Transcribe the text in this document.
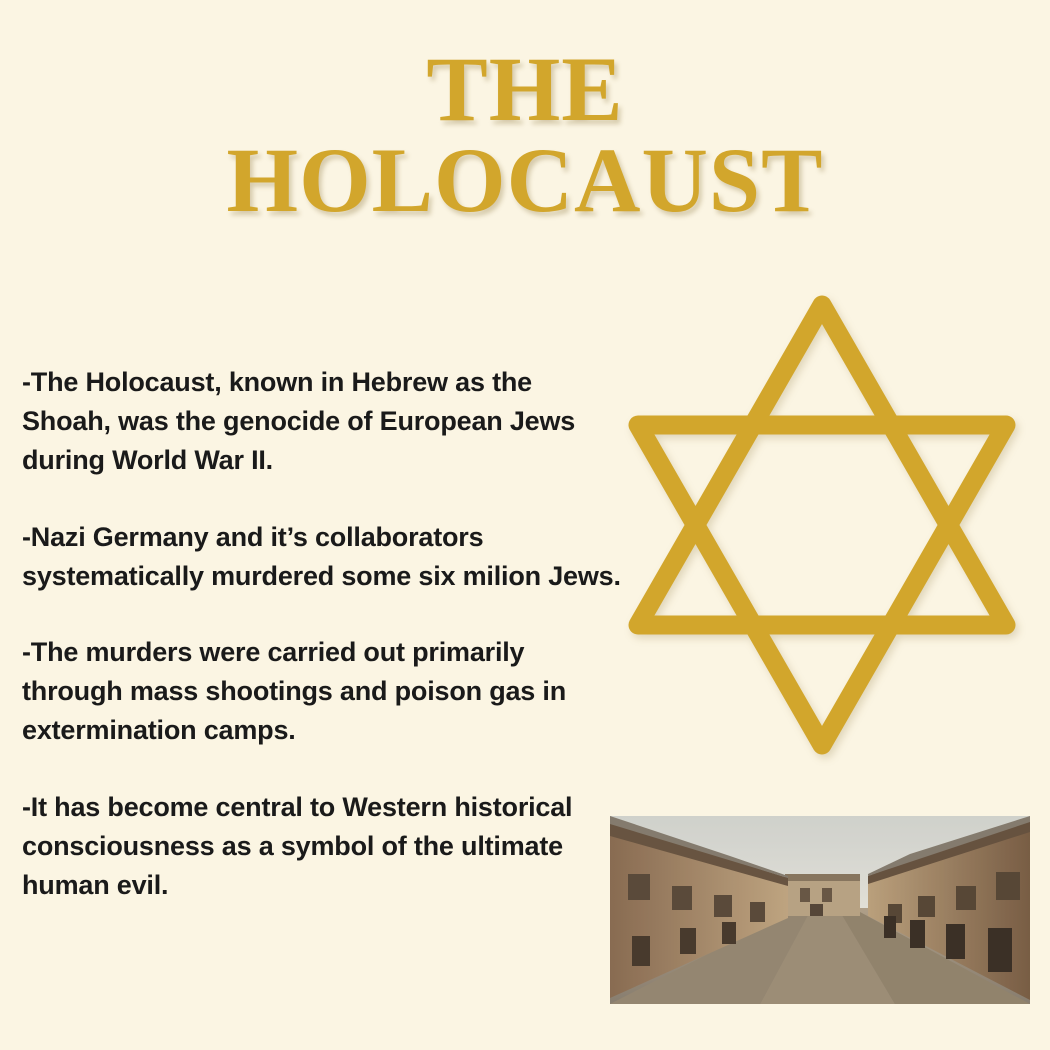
THE
HOLOCAUST

-The Holocaust, known in Hebrew as the Shoah, was the genocide of European Jews during World War II.

-Nazi Germany and it’s collaborators systematically murdered some six milion Jews.

-The murders were carried out primarily through mass shootings and poison gas in extermination camps.

-It has become central to Western historical consciousness as a symbol of the ultimate human evil.
